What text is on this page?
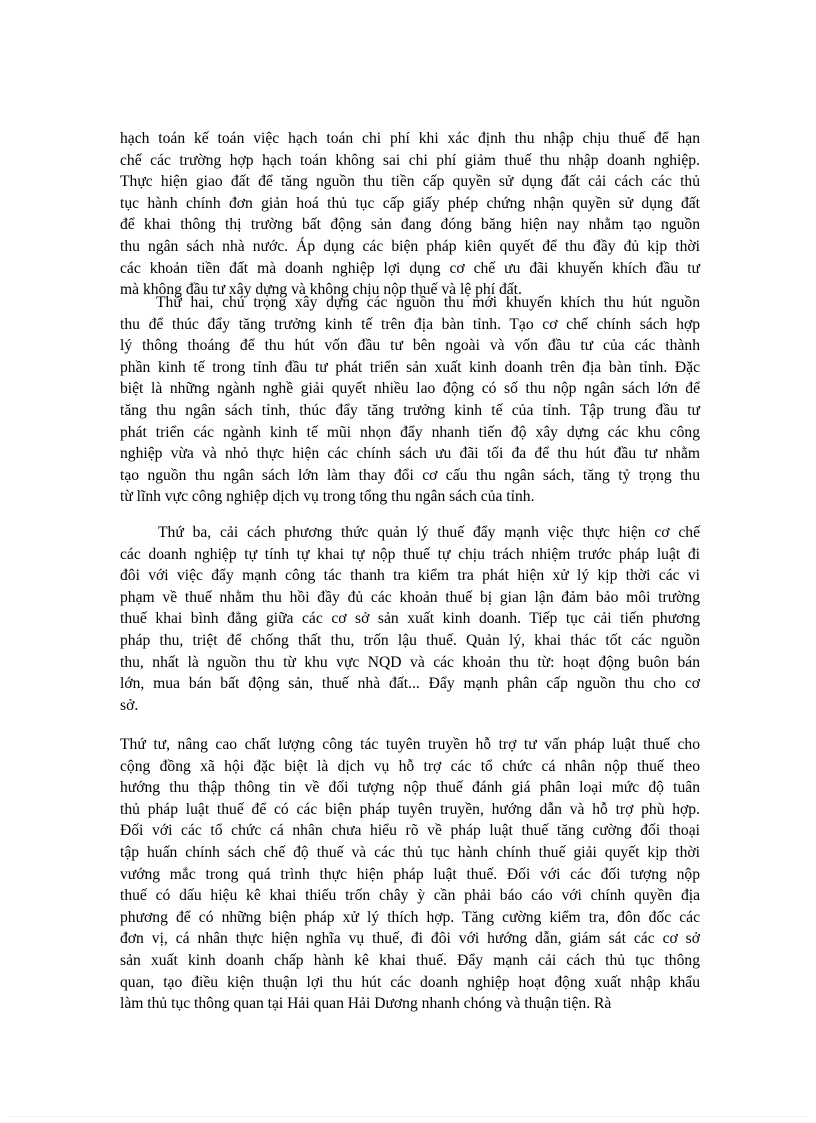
hạch toán kế toán việc hạch toán chi phí khi xác định thu nhập chịu thuế để hạn
chế các trường hợp hạch toán không sai chi phí giảm thuế thu nhập doanh nghiệp.
Thực hiện giao đất để tăng nguồn thu tiền cấp quyền sử dụng đất cải cách các thủ
tục hành chính đơn giản hoá thủ tục cấp giấy phép chứng nhận quyền sử dụng đất
để khai thông thị trường bất động sản đang đóng băng hiện nay nhằm tạo nguồn
thu ngân sách nhà nước. Áp dụng các biện pháp kiên quyết để thu đầy đủ kịp thời
các khoản tiền đất mà doanh nghiệp lợi dụng cơ chế ưu đãi khuyến khích đầu tư
mà không đầu tư xây dựng và không chịu nộp thuế và lệ phí đất.
Thứ hai, chú trọng xây dựng các nguồn thu mới khuyến khích thu hút nguồn
thu để thúc đẩy tăng trưởng kinh tế trên địa bàn tỉnh. Tạo cơ chế chính sách hợp
lý thông thoáng để thu hút vốn đầu tư bên ngoài và vốn đầu tư của các thành
phần kinh tế trong tỉnh đầu tư phát triển sản xuất kinh doanh trên địa bàn tỉnh. Đặc
biệt là những ngành nghề giải quyết nhiều lao động có số thu nộp ngân sách lớn để
tăng thu ngân sách tỉnh, thúc đẩy tăng trưởng kinh tế của tỉnh. Tập trung đầu tư
phát triển các ngành kinh tế mũi nhọn đẩy nhanh tiến độ xây dựng các khu công
nghiệp vừa và nhỏ thực hiện các chính sách ưu đãi tối đa để thu hút đầu tư nhằm
tạo nguồn thu ngân sách lớn làm thay đổi cơ cấu thu ngân sách, tăng tỷ trọng thu
từ lĩnh vực công nghiệp dịch vụ trong tổng thu ngân sách của tỉnh.
Thứ ba, cải cách phương thức quản lý thuế đẩy mạnh việc thực hiện cơ chế
các doanh nghiệp tự tính tự khai tự nộp thuế tự chịu trách nhiệm trước pháp luật đi
đôi với việc đẩy mạnh công tác thanh tra kiểm tra phát hiện xử lý kịp thời các vi
phạm về thuế nhằm thu hồi đầy đủ các khoản thuế bị gian lận đảm bảo môi trường
thuế khai bình đẳng giữa các cơ sở sản xuất kinh doanh. Tiếp tục cải tiến phương
pháp thu, triệt để chống thất thu, trốn lậu thuế. Quản lý, khai thác tốt các nguồn
thu, nhất là nguồn thu từ khu vực NQD và các khoản thu từ: hoạt động buôn bán
lớn, mua bán bất động sản, thuế nhà đất... Đẩy mạnh phân cấp nguồn thu cho cơ
sở.
Thứ tư, nâng cao chất lượng công tác tuyên truyền hỗ trợ tư vấn pháp luật thuế cho
cộng đồng xã hội đặc biệt là dịch vụ hỗ trợ các tổ chức cá nhân nộp thuế theo
hướng thu thập thông tin về đối tượng nộp thuế đánh giá phân loại mức độ tuân
thủ pháp luật thuế để có các biện pháp tuyên truyền, hướng dẫn và hỗ trợ phù hợp.
Đối với các tổ chức cá nhân chưa hiểu rõ về pháp luật thuế tăng cường đối thoại
tập huấn chính sách chế độ thuế và các thủ tục hành chính thuế giải quyết kịp thời
vướng mắc trong quá trình thực hiện pháp luật thuế. Đối với các đối tượng nộp
thuế có dấu hiệu kê khai thiếu trốn chây ỳ cần phải báo cáo với chính quyền địa
phương để có những biện pháp xử lý thích hợp. Tăng cường kiểm tra, đôn đốc các
đơn vị, cá nhân thực hiện nghĩa vụ thuế, đi đôi với hướng dẫn, giám sát các cơ sở
sản xuất kinh doanh chấp hành kê khai thuế. Đẩy mạnh cải cách thủ tục thông
quan, tạo điều kiện thuận lợi thu hút các doanh nghiệp hoạt động xuất nhập khẩu
làm thủ tục thông quan tại Hải quan Hải Dương nhanh chóng và thuận tiện. Rà
